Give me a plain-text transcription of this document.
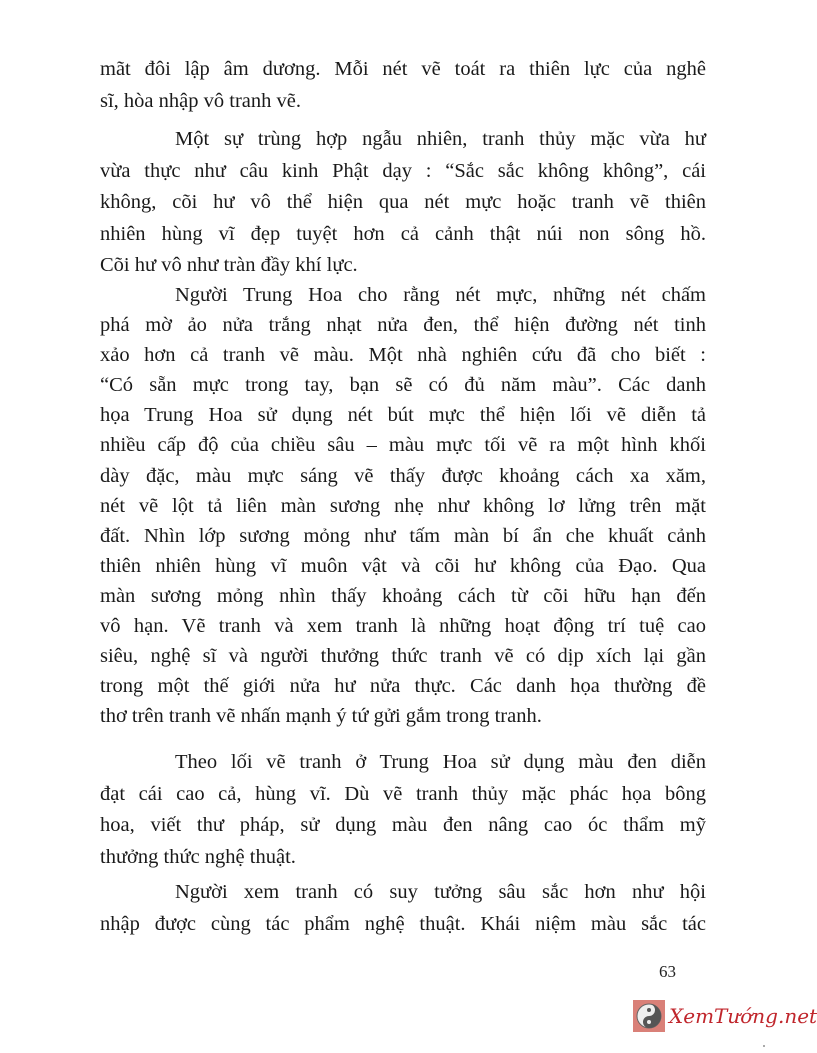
mãt đôi lập âm dương. Mỗi nét vẽ toát ra thiên lực của nghê
sĩ, hòa nhập vô tranh vẽ.
Một sự trùng hợp ngẫu nhiên, tranh thủy mặc vừa hư
vừa thực như câu kinh Phật dạy : “Sắc sắc không không”, cái
không, cõi hư vô thể hiện qua nét mực hoặc tranh vẽ thiên
nhiên hùng vĩ đẹp tuyệt hơn cả cảnh thật núi non sông hồ.
Cõi hư vô như tràn đầy khí lực.
Người Trung Hoa cho rằng nét mực, những nét chấm
phá mờ ảo nửa trắng nhạt nửa đen, thể hiện đường nét tinh
xảo hơn cả tranh vẽ màu. Một nhà nghiên cứu đã cho biết :
“Có sẵn mực trong tay, bạn sẽ có đủ năm màu”. Các danh
họa Trung Hoa sử dụng nét bút mực thể hiện lối vẽ diễn tả
nhiều cấp độ của chiều sâu – màu mực tối vẽ ra một hình khối
dày đặc, màu mực sáng vẽ thấy được khoảng cách xa xăm,
nét vẽ lột tả liên màn sương nhẹ như không lơ lửng trên mặt
đất. Nhìn lớp sương mỏng như tấm màn bí ẩn che khuất cảnh
thiên nhiên hùng vĩ muôn vật và cõi hư không của Đạo. Qua
màn sương mỏng nhìn thấy khoảng cách từ cõi hữu hạn đến
vô hạn. Vẽ tranh và xem tranh là những hoạt động trí tuệ cao
siêu, nghệ sĩ và người thưởng thức tranh vẽ có dịp xích lại gần
trong một thế giới nửa hư nửa thực. Các danh họa thường đề
thơ trên tranh vẽ nhấn mạnh ý tứ gửi gắm trong tranh.
Theo lối vẽ tranh ở Trung Hoa sử dụng màu đen diễn
đạt cái cao cả, hùng vĩ. Dù vẽ tranh thủy mặc phác họa bông
hoa, viết thư pháp, sử dụng màu đen nâng cao óc thẩm mỹ
thưởng thức nghệ thuật.
Người xem tranh có suy tưởng sâu sắc hơn như hội
nhập được cùng tác phẩm nghệ thuật. Khái niệm màu sắc tác
63
XemTướng.net
